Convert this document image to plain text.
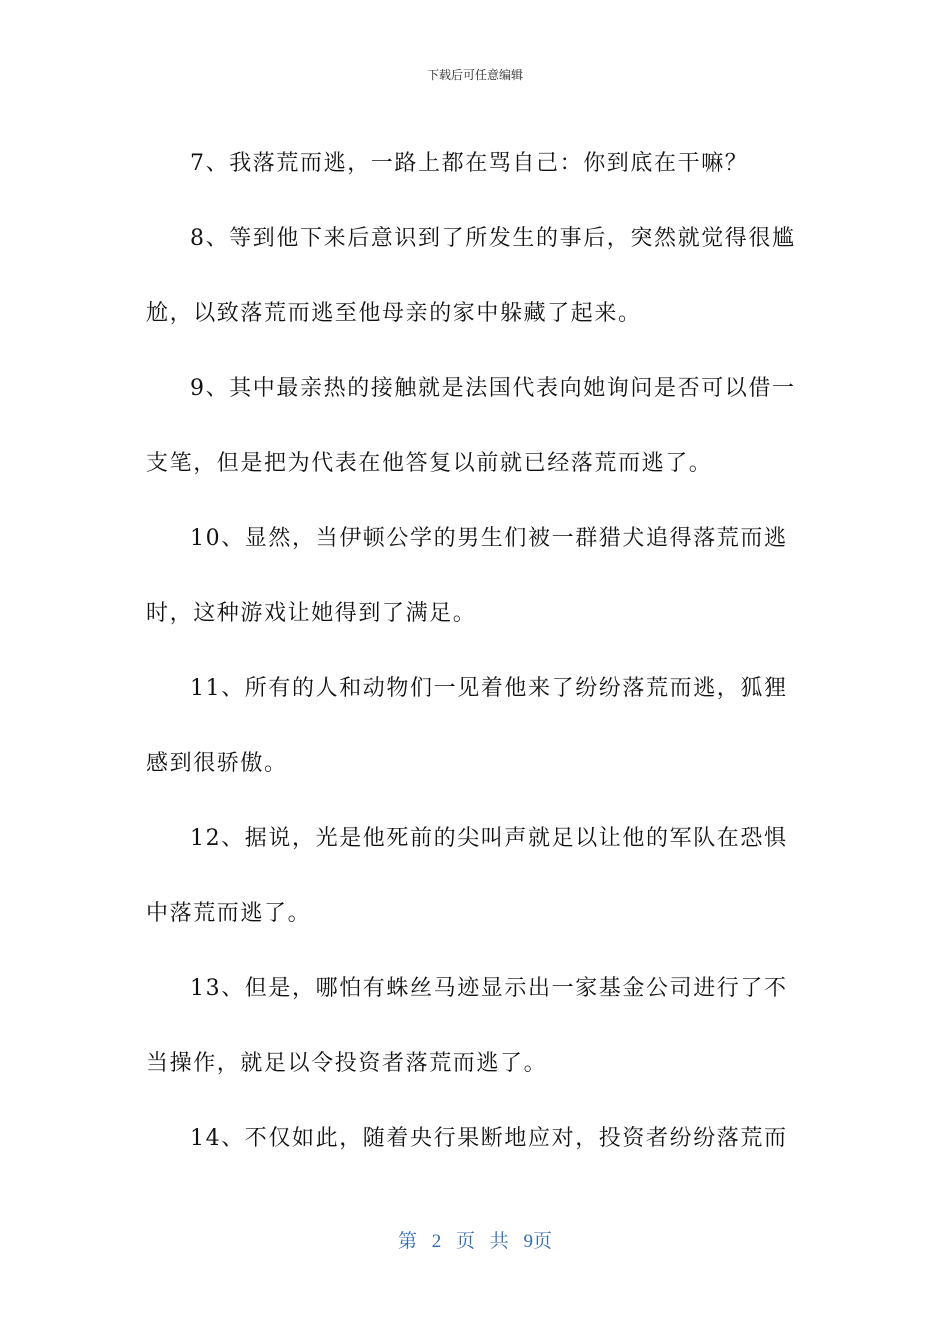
下载后可任意编辑

7、我落荒而逃，一路上都在骂自己：你到底在干嘛？

8、等到他下来后意识到了所发生的事后，突然就觉得很尴尬，以致落荒而逃至他母亲的家中躲藏了起来。

9、其中最亲热的接触就是法国代表向她询问是否可以借一支笔，但是把为代表在他答复以前就已经落荒而逃了。

10、显然，当伊顿公学的男生们被一群猎犬追得落荒而逃时，这种游戏让她得到了满足。

11、所有的人和动物们一见着他来了纷纷落荒而逃，狐狸感到很骄傲。

12、据说，光是他死前的尖叫声就足以让他的军队在恐惧中落荒而逃了。

13、但是，哪怕有蛛丝马迹显示出一家基金公司进行了不当操作，就足以令投资者落荒而逃了。

14、不仅如此，随着央行果断地应对，投资者纷纷落荒而

第 2 页 共 9页
